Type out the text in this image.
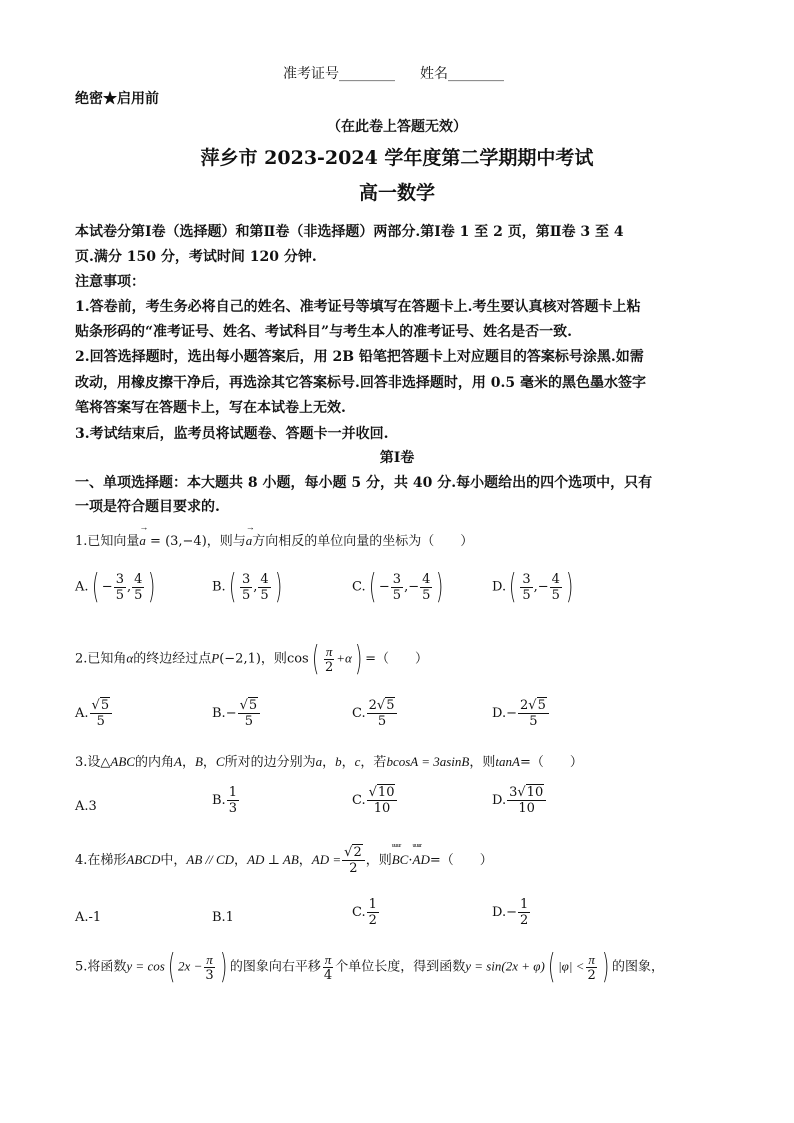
准考证号________ 姓名________
绝密★启用前
（在此卷上答题无效）
萍乡市 2023-2024 学年度第二学期期中考试
高一数学
本试卷分第Ⅰ卷（选择题）和第Ⅱ卷（非选择题）两部分.第Ⅰ卷 1 至 2 页，第Ⅱ卷 3 至 4
页.满分 150 分，考试时间 120 分钟.
注意事项：
1.答卷前，考生务必将自己的姓名、准考证号等填写在答题卡上.考生要认真核对答题卡上粘
贴条形码的“准考证号、姓名、考试科目”与考生本人的准考证号、姓名是否一致.
2.回答选择题时，选出每小题答案后，用 2B 铅笔把答题卡上对应题目的答案标号涂黑.如需
改动，用橡皮擦干净后，再选涂其它答案标号.回答非选择题时，用 0.5 毫米的黑色墨水签字
笔将答案写在答题卡上，写在本试卷上无效.
3.考试结束后，监考员将试题卷、答题卡一并收回.
第Ⅰ卷
一、单项选择题：本大题共 8 小题，每小题 5 分，共 40 分.每小题给出的四个选项中，只有
一项是符合题目要求的.
1.已知向量→ a = (3,−4)，则与→ a方向相反的单位向量的坐标为（　　）
$A.( - \frac{3}{5}$ , $\frac{4}{5}$ )	$B.( \frac{3}{5}$ , $\frac{4}{5}$ )	$C.( - \frac{3}{5}$ ,− $\frac{4}{5}$ )	$D.( \frac{3}{5}$ ,− $\frac{4}{5}$ )
2.已知角α的终边经过点P(−2,1)，则$\cos( \frac{\pi}{2} +\alpha)$ =（　　）
A. $\frac{√5}{5}$	$B.- \frac{√5}{5}$	C. $\frac{2√5}{5}$	$D.- \frac{2√5}{5}$
3.设△ABC的内角A，B，C所对的边分别为a，b，c，若bcosA = 3asinB，则tanA=（　　）
A.3	B. $\frac{1}{3}$	C. $\frac{√10}{10}$	D. $\frac{3√10}{10}$
4.在梯形ABCD中，AB // CD，AD ⊥ AB，AD = $\frac{√2}{2}$ ，则uuur BC·uuur AD=（　　）
A.-1	B.1	C. $\frac{1}{2}$	$D.- \frac{1}{2}$
5.将函数y = cos( $2x - \frac{\pi}{3}$ ) 的图象向右平移 $\frac{\pi}{4}$ 个单位长度，得到函数y = sin(2x + φ)( $|\varphi| < \frac{\pi}{2}$ ) 的图象，
